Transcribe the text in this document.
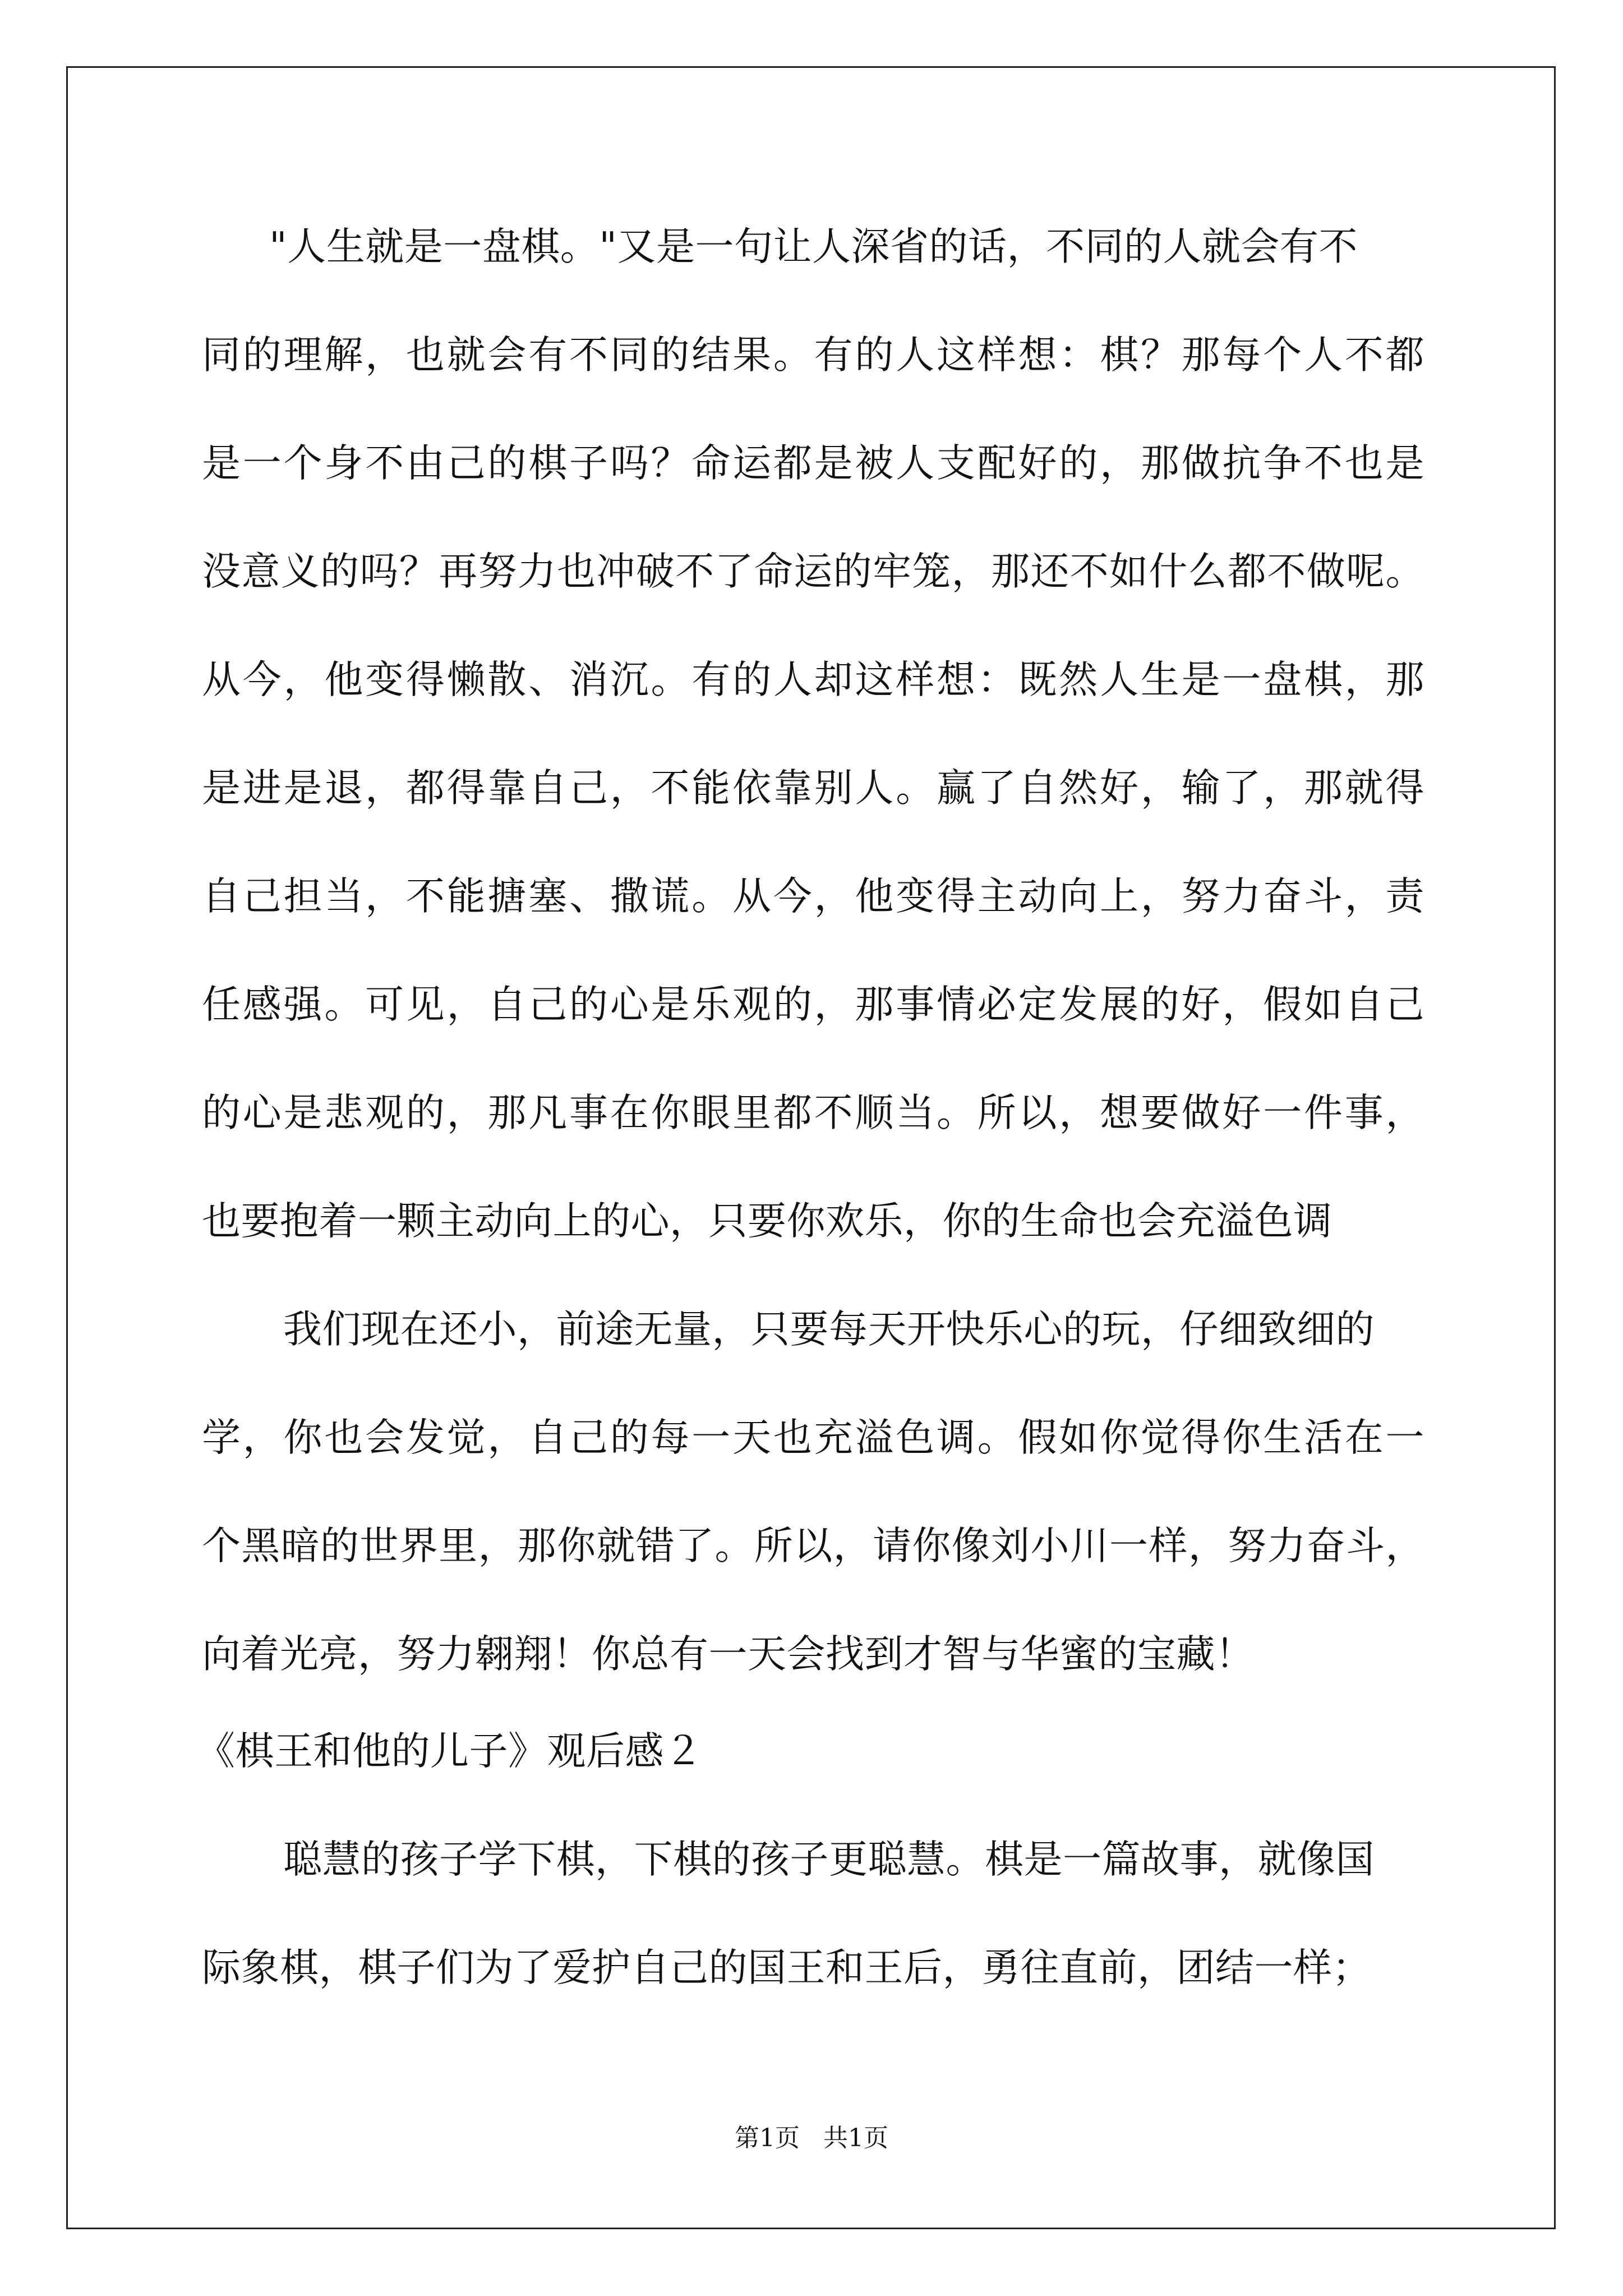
"人生就是一盘棋。"又是一句让人深省的话，不同的人就会有不
同的理解，也就会有不同的结果。有的人这样想：棋？那每个人不都
是一个身不由己的棋子吗？命运都是被人支配好的，那做抗争不也是
没意义的吗？再努力也冲破不了命运的牢笼，那还不如什么都不做呢。
从今，他变得懒散、消沉。有的人却这样想：既然人生是一盘棋，那
是进是退，都得靠自己，不能依靠别人。赢了自然好，输了，那就得
自己担当，不能搪塞、撒谎。从今，他变得主动向上，努力奋斗，责
任感强。可见，自己的心是乐观的，那事情必定发展的好，假如自己
的心是悲观的，那凡事在你眼里都不顺当。所以，想要做好一件事，
也要抱着一颗主动向上的心，只要你欢乐，你的生命也会充溢色调
我们现在还小，前途无量，只要每天开快乐心的玩，仔细致细的
学，你也会发觉，自己的每一天也充溢色调。假如你觉得你生活在一
个黑暗的世界里，那你就错了。所以，请你像刘小川一样，努力奋斗，
向着光亮，努力翱翔！你总有一天会找到才智与华蜜的宝藏！
《棋王和他的儿子》观后感２
聪慧的孩子学下棋，下棋的孩子更聪慧。棋是一篇故事，就像国
际象棋，棋子们为了爱护自己的国王和王后，勇往直前，团结一样；
第1页   共1页
